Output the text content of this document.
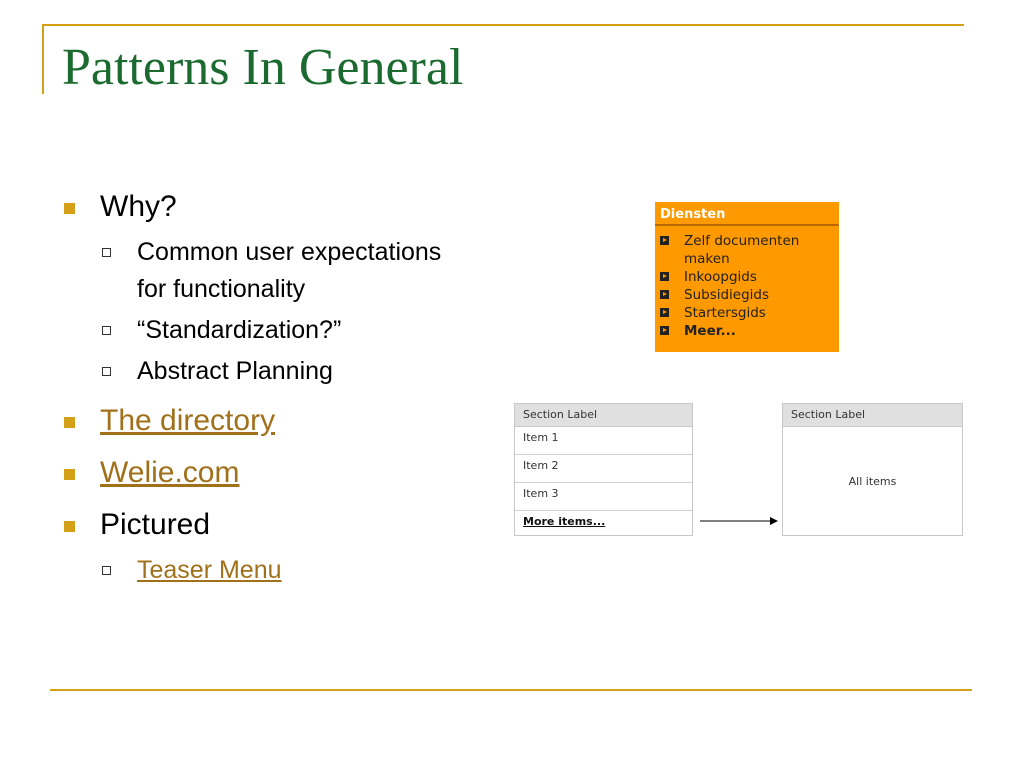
Patterns In General
Why?
Common user expectations for functionality
“Standardization?”
Abstract Planning
The directory
Welie.com
Pictured
Teaser Menu
Diensten
Zelf documenten maken
Inkoopgids
Subsidiegids
Startersgids
Meer...
Section Label
Item 1
Item 2
Item 3
More items...
Section Label
All items
